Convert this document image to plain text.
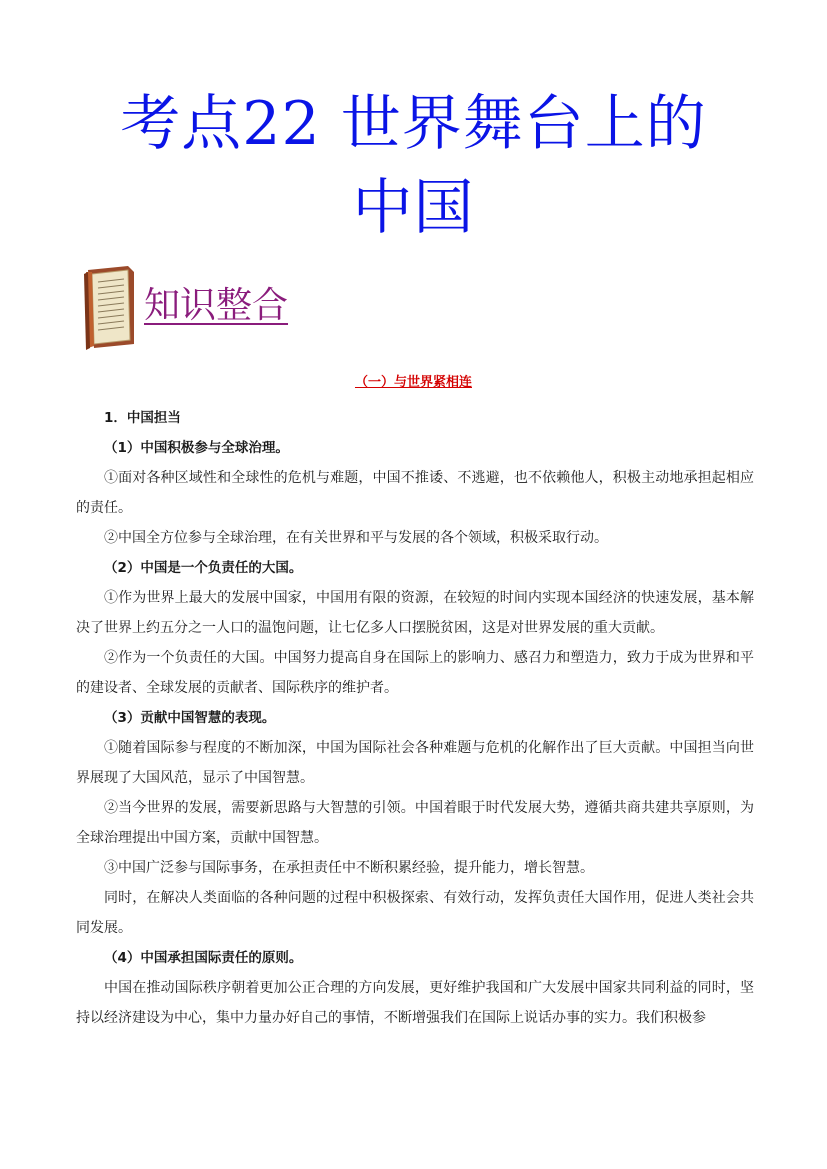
考点22 世界舞台上的
中国
知识整合
（一）与世界紧相连

1．中国担当

（1）中国积极参与全球治理。

①面对各种区域性和全球性的危机与难题，中国不推诿、不逃避，也不依赖他人，积极主动地承担起相应的责任。

②中国全方位参与全球治理，在有关世界和平与发展的各个领域，积极采取行动。

（2）中国是一个负责任的大国。

①作为世界上最大的发展中国家，中国用有限的资源，在较短的时间内实现本国经济的快速发展，基本解决了世界上约五分之一人口的温饱问题，让七亿多人口摆脱贫困，这是对世界发展的重大贡献。

②作为一个负责任的大国。中国努力提高自身在国际上的影响力、感召力和塑造力，致力于成为世界和平的建设者、全球发展的贡献者、国际秩序的维护者。

（3）贡献中国智慧的表现。

①随着国际参与程度的不断加深，中国为国际社会各种难题与危机的化解作出了巨大贡献。中国担当向世界展现了大国风范，显示了中国智慧。

②当今世界的发展，需要新思路与大智慧的引领。中国着眼于时代发展大势，遵循共商共建共享原则，为全球治理提出中国方案，贡献中国智慧。

③中国广泛参与国际事务，在承担责任中不断积累经验，提升能力，增长智慧。

同时，在解决人类面临的各种问题的过程中积极探索、有效行动，发挥负责任大国作用，促进人类社会共同发展。

（4）中国承担国际责任的原则。

中国在推动国际秩序朝着更加公正合理的方向发展，更好维护我国和广大发展中国家共同利益的同时，坚持以经济建设为中心，集中力量办好自己的事情，不断增强我们在国际上说话办事的实力。我们积极参
